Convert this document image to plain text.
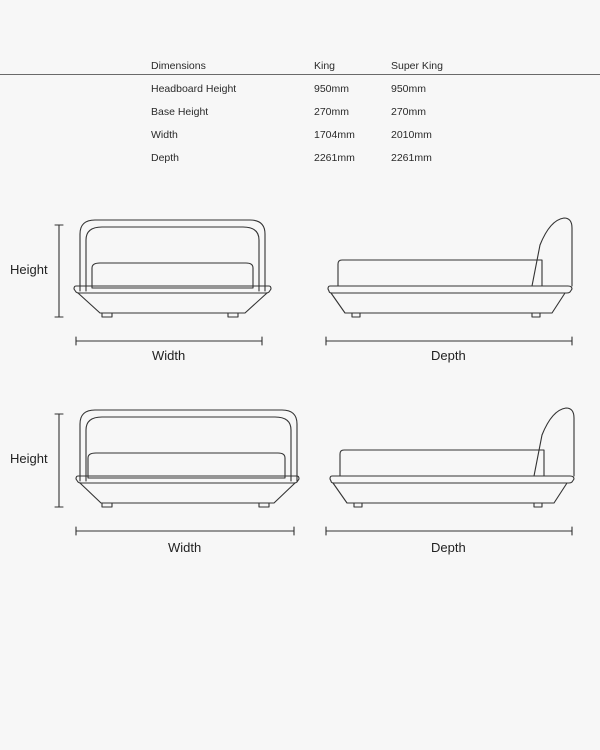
Dimensions	King	Super King
Headboard Height	950mm	950mm
Base Height	270mm	270mm
Width	1704mm	2010mm
Depth	2261mm	2261mm
Height
Width	Depth
Height
Width	Depth
